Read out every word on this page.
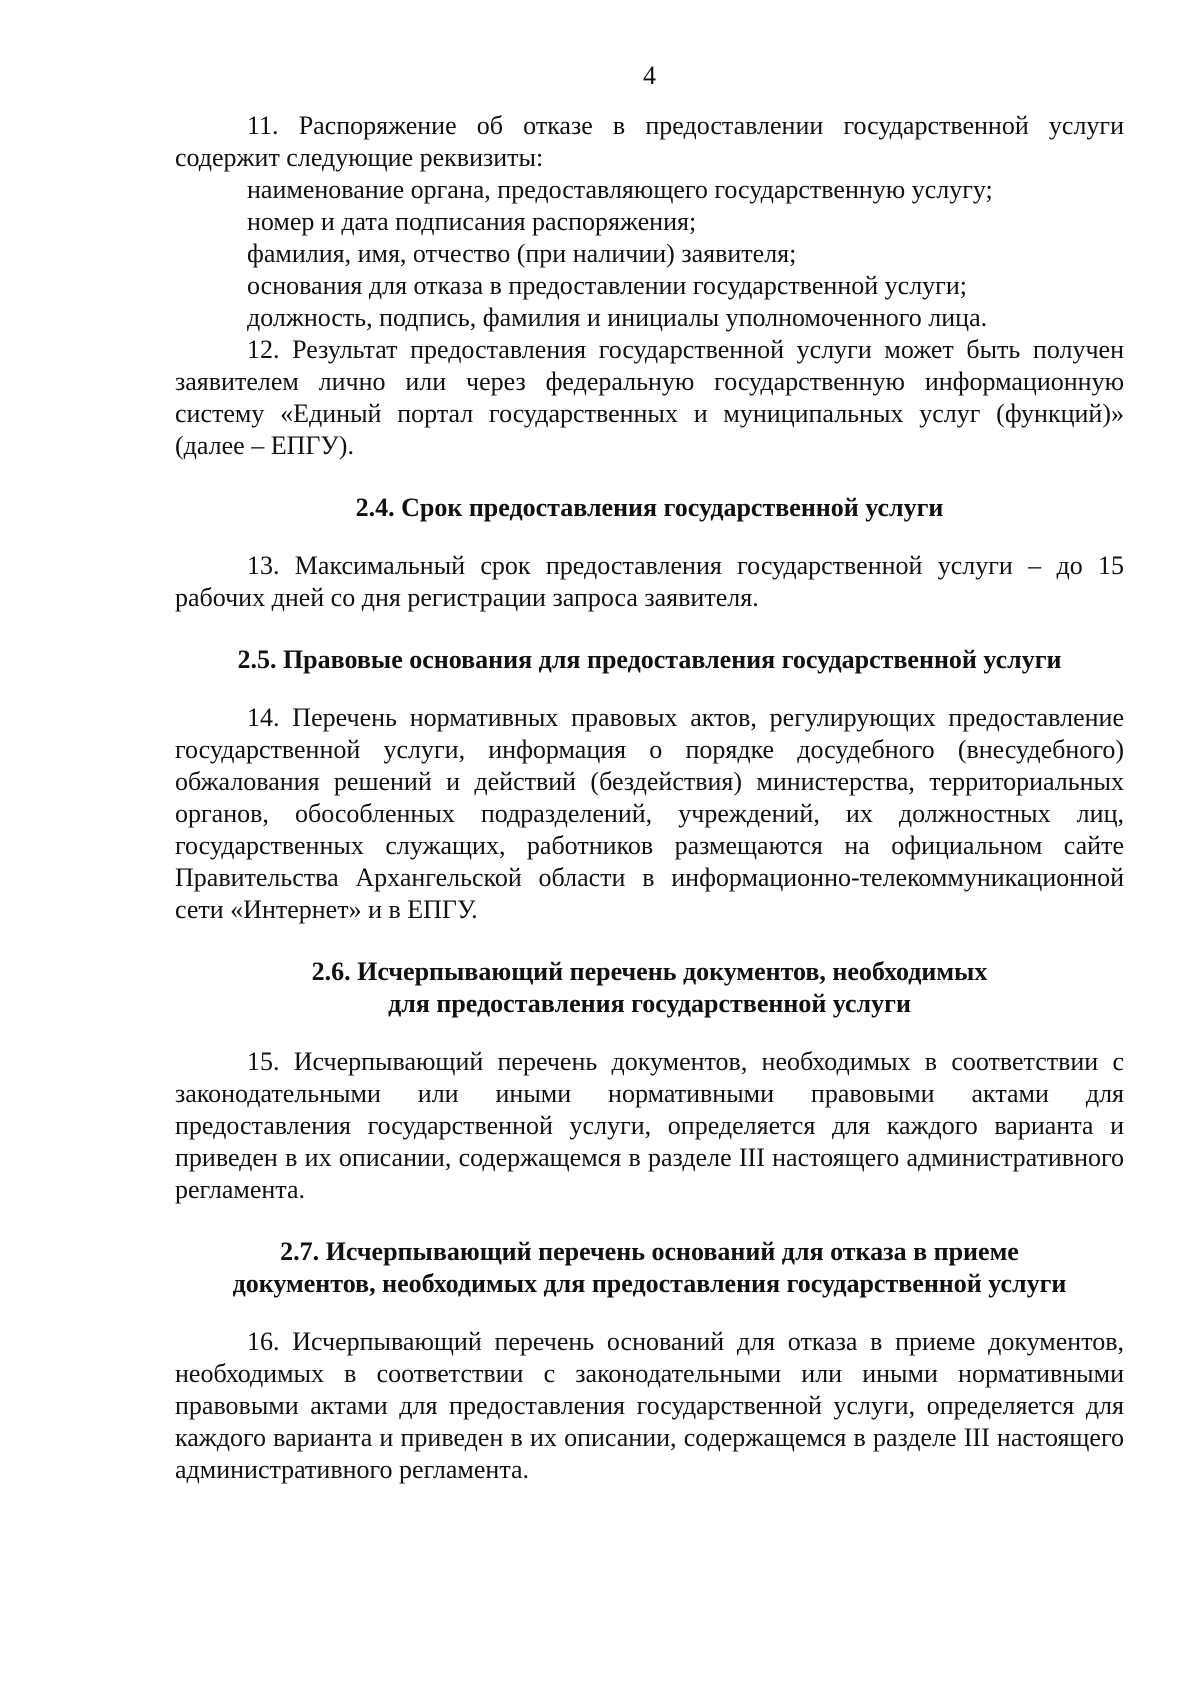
4

11. Распоряжение об отказе в предоставлении государственной услуги содержит следующие реквизиты:

наименование органа, предоставляющего государственную услугу;
номер и дата подписания распоряжения;
фамилия, имя, отчество (при наличии) заявителя;
основания для отказа в предоставлении государственной услуги;
должность, подпись, фамилия и инициалы уполномоченного лица.

12. Результат предоставления государственной услуги может быть получен заявителем лично или через федеральную государственную информационную систему «Единый портал государственных и муниципальных услуг (функций)» (далее – ЕПГУ).

2.4. Срок предоставления государственной услуги

13. Максимальный срок предоставления государственной услуги – до 15 рабочих дней со дня регистрации запроса заявителя.

2.5. Правовые основания для предоставления государственной услуги

14. Перечень нормативных правовых актов, регулирующих предоставление государственной услуги, информация о порядке досудебного (внесудебного) обжалования решений и действий (бездействия) министерства, территориальных органов, обособленных подразделений, учреждений, их должностных лиц, государственных служащих, работников размещаются на официальном сайте Правительства Архангельской области в информационно-телекоммуникационной сети «Интернет» и в ЕПГУ.

2.6. Исчерпывающий перечень документов, необходимых
для предоставления государственной услуги

15. Исчерпывающий перечень документов, необходимых в соответствии с законодательными или иными нормативными правовыми актами для предоставления государственной услуги, определяется для каждого варианта и приведен в их описании, содержащемся в разделе III настоящего административного регламента.

2.7. Исчерпывающий перечень оснований для отказа в приеме
документов, необходимых для предоставления государственной услуги

16. Исчерпывающий перечень оснований для отказа в приеме документов, необходимых в соответствии с законодательными или иными нормативными правовыми актами для предоставления государственной услуги, определяется для каждого варианта и приведен в их описании, содержащемся в разделе III настоящего административного регламента.
